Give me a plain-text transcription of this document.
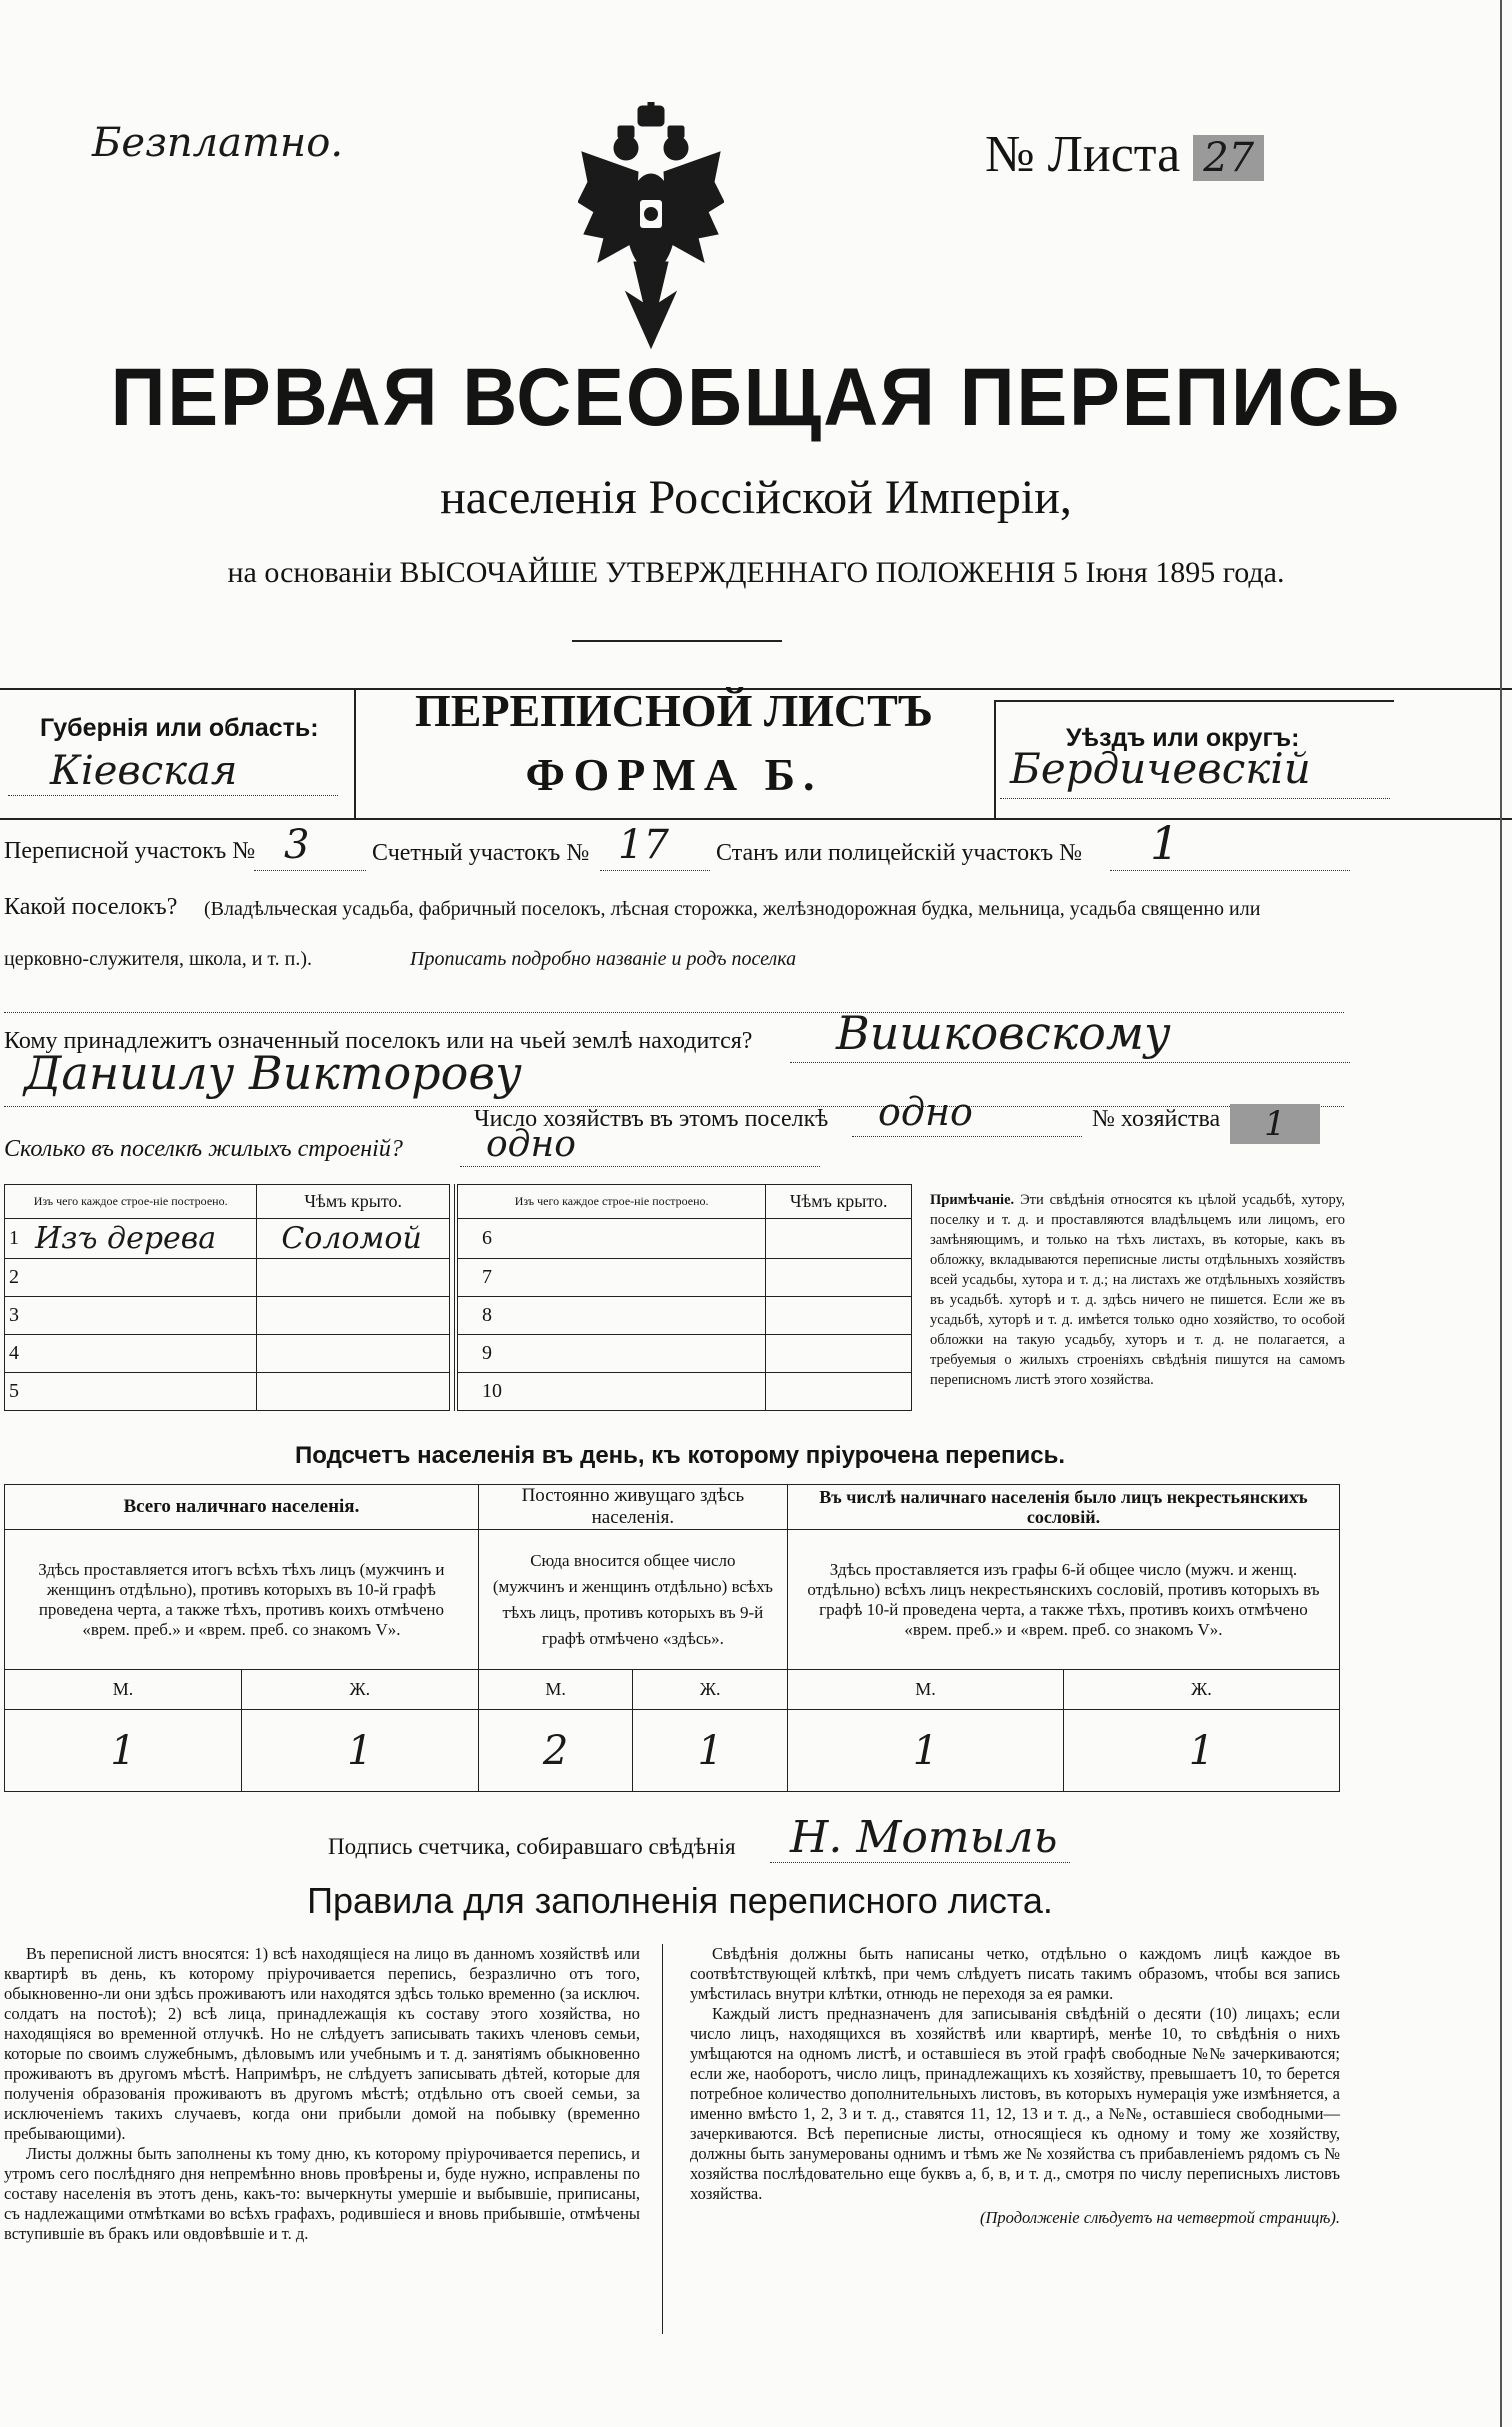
Безплатно.	№ Листа 27
ПЕРВАЯ ВСЕОБЩАЯ ПЕРЕПИСЬ
населенія Россійской Имперіи,
на основаніи ВЫСОЧАЙШЕ УТВЕРЖДЕННАГО ПОЛОЖЕНІЯ 5 Іюня 1895 года.
Губернія или область:
Кіевская
ПЕРЕПИСНОЙ ЛИСТЪ
ФОРМА Б.
Уѣздъ или округъ:
Бердичевскій
Переписной участокъ № 3	Счетный участокъ № 17 Станъ или полицейскій участокъ № 1
Какой поселокъ? (Владѣльческая усадьба, фабричный поселокъ, лѣсная сторожка, желѣзнодорожная будка, мельница, усадьба священно или
церковно-служителя, школа, и т. п.).	Прописать подробно названіе и родъ поселка
Кому принадлежитъ означенный поселокъ или на чьей землѣ находится? Вишковскому
Даниилу Викторову
Число хозяйствъ въ этомъ поселкѣ одно	№ хозяйства	1
Сколько въ поселкѣ жилыхъ строеній? одно
Изъ чего каждое строе-ніе построено.		Чѣмъ крыто.
1	Изъ дерева	Соломой
2		
3		
4		
5		
Изъ чего каждое строе-ніе построено.		Чѣмъ крыто.
6		
7		
8		
9		
10		
Примѣчаніе. Эти свѣдѣнія относятся къ цѣлой усадьбѣ, хутору, поселку и т. д. и проставляются владѣльцемъ или лицомъ, его замѣняющимъ, и только на тѣхъ листахъ, въ которые, какъ въ обложку, вкладываются переписные листы отдѣльныхъ хозяйствъ всей усадьбы, хутора и т. д.; на листахъ же отдѣльныхъ хозяйствъ въ усадьбѣ. хуторѣ и т. д. здѣсь ничего не пишется. Если же въ усадьбѣ, хуторѣ и т. д. имѣется только одно хозяйство, то особой обложки на такую усадьбу, хуторъ и т. д. не полагается, а требуемыя о жилыхъ строеніяхъ свѣдѣнія пишутся на самомъ переписномъ листѣ этого хозяйства.
Подсчетъ населенія въ день, къ которому пріурочена перепись.
Всего наличнаго населенія.		Постоянно живущаго здѣсь населенія.		Въ числѣ наличнаго населенія было лицъ некрестьянскихъ сословій.	
Здѣсь проставляется итогъ всѣхъ тѣхъ лицъ (мужчинъ и женщинъ отдѣльно), противъ которыхъ въ 10-й графѣ проведена черта, а также тѣхъ, противъ коихъ отмѣчено «врем. преб.» и «врем. преб. со знакомъ V».		Сюда вносится общее число (мужчинъ и женщинъ отдѣльно) всѣхъ тѣхъ лицъ, противъ которыхъ въ 9-й графѣ отмѣчено «здѣсь».		Здѣсь проставляется изъ графы 6-й общее число (мужч. и женщ. отдѣльно) всѣхъ лицъ некрестьянскихъ сословій, противъ которыхъ въ графѣ 10-й проведена черта, а также тѣхъ, противъ коихъ отмѣчено «врем. преб.» и «врем. преб. со знакомъ V».	
М.	Ж.	М.	Ж.	М.	Ж.
1	1	2	1	1	1
Подпись счетчика, собиравшаго свѣдѣнія Н. Мотыль
Правила для заполненія переписного листа.

Въ переписной листъ вносятся: 1) всѣ находящіеся на лицо въ данномъ хозяйствѣ или квартирѣ въ день, къ которому пріурочивается перепись, безразлично отъ того, обыкновенно-ли они здѣсь проживаютъ или находятся здѣсь только временно (за исключ. солдатъ на постоѣ); 2) всѣ лица, принадлежащія къ составу этого хозяйства, но находящіяся во временной отлучкѣ. Но не слѣдуетъ записывать такихъ членовъ семьи, которые по своимъ служебнымъ, дѣловымъ или учебнымъ и т. д. занятіямъ обыкновенно проживаютъ въ другомъ мѣстѣ. Напримѣръ, не слѣдуетъ записывать дѣтей, которые для полученія образованія проживаютъ въ другомъ мѣстѣ; отдѣльно отъ своей семьи, за исключеніемъ такихъ случаевъ, когда они прибыли домой на побывку (временно пребывающими).

Листы должны быть заполнены къ тому дню, къ которому пріурочивается перепись, и утромъ сего послѣдняго дня непремѣнно вновь провѣрены и, буде нужно, исправлены по составу населенія въ этотъ день, какъ-то: вычеркнуты умершіе и выбывшіе, приписаны, съ надлежащими отмѣтками во всѣхъ графахъ, родившіеся и вновь прибывшіе, отмѣчены вступившіе въ бракъ или овдовѣвшіе и т. д.

Свѣдѣнія должны быть написаны четко, отдѣльно о каждомъ лицѣ каждое въ соотвѣтствующей клѣткѣ, при чемъ слѣдуетъ писать такимъ образомъ, чтобы вся запись умѣстилась внутри клѣтки, отнюдь не переходя за ея рамки.

Каждый листъ предназначенъ для записыванія свѣдѣній о десяти (10) лицахъ; если число лицъ, находящихся въ хозяйствѣ или квартирѣ, менѣе 10, то свѣдѣнія о нихъ умѣщаются на одномъ листѣ, и оставшіеся въ этой графѣ свободные №№ зачеркиваются; если же, наоборотъ, число лицъ, принадлежащихъ къ хозяйству, превышаетъ 10, то берется потребное количество дополнительныхъ листовъ, въ которыхъ нумерація уже измѣняется, а именно вмѣсто 1, 2, 3 и т. д., ставятся 11, 12, 13 и т. д., а №№, оставшіеся свободными—зачеркиваются. Всѣ переписные листы, относящіеся къ одному и тому же хозяйству, должны быть занумерованы однимъ и тѣмъ же № хозяйства съ прибавленіемъ рядомъ съ № хозяйства послѣдовательно еще буквъ а, б, в, и т. д., смотря по числу переписныхъ листовъ хозяйства.

(Продолженіе слѣдуетъ на четвертой страницѣ).
